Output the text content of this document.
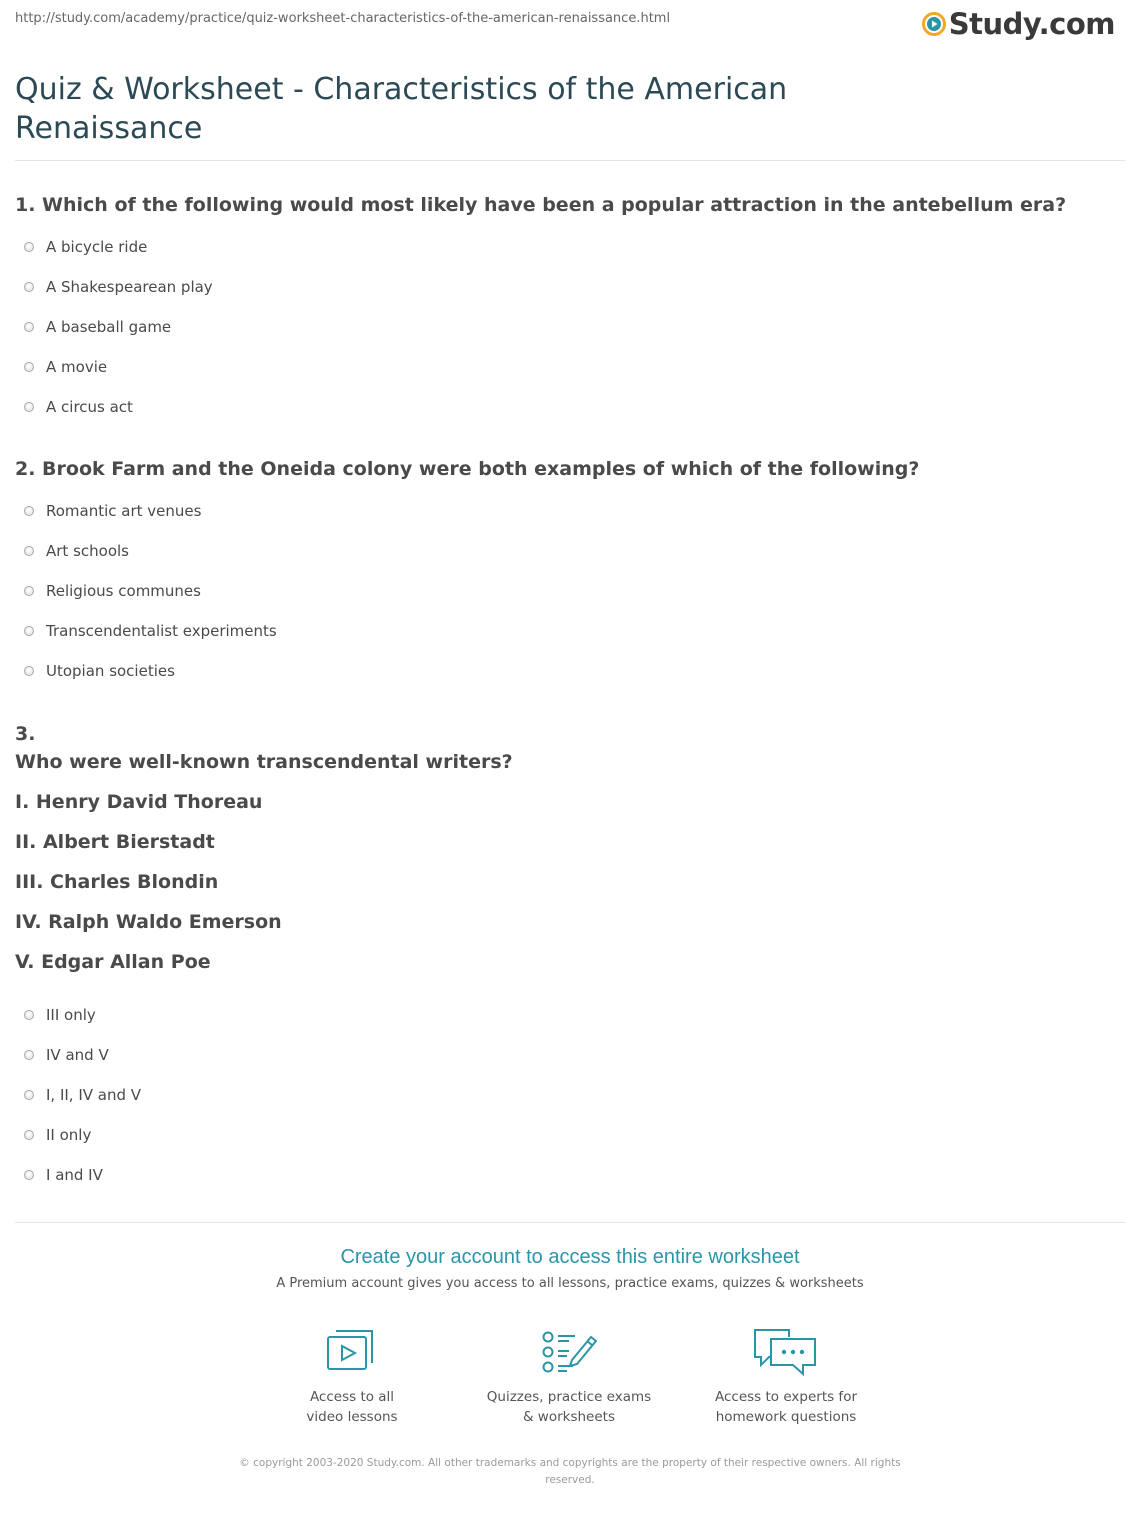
http://study.com/academy/practice/quiz-worksheet-characteristics-of-the-american-renaissance.html	Study.com
Quiz & Worksheet - Characteristics of the American Renaissance

1. Which of the following would most likely have been a popular attraction in the antebellum era?

A bicycle ride
A Shakespearean play
A baseball game
A movie
A circus act

2. Brook Farm and the Oneida colony were both examples of which of the following?

Romantic art venues
Art schools
Religious communes
Transcendentalist experiments
Utopian societies

3.

Who were well-known transcendental writers?

I. Henry David Thoreau

II. Albert Bierstadt

III. Charles Blondin

IV. Ralph Waldo Emerson

V. Edgar Allan Poe

III only
IV and V
I, II, IV and V
II only
I and IV
Create your account to access this entire worksheet
A Premium account gives you access to all lessons, practice exams, quizzes & worksheets
Access to all
video lessons
Quizzes, practice exams
& worksheets
Access to experts for
homework questions
© copyright 2003-2020 Study.com. All other trademarks and copyrights are the property of their respective owners. All rights reserved.
